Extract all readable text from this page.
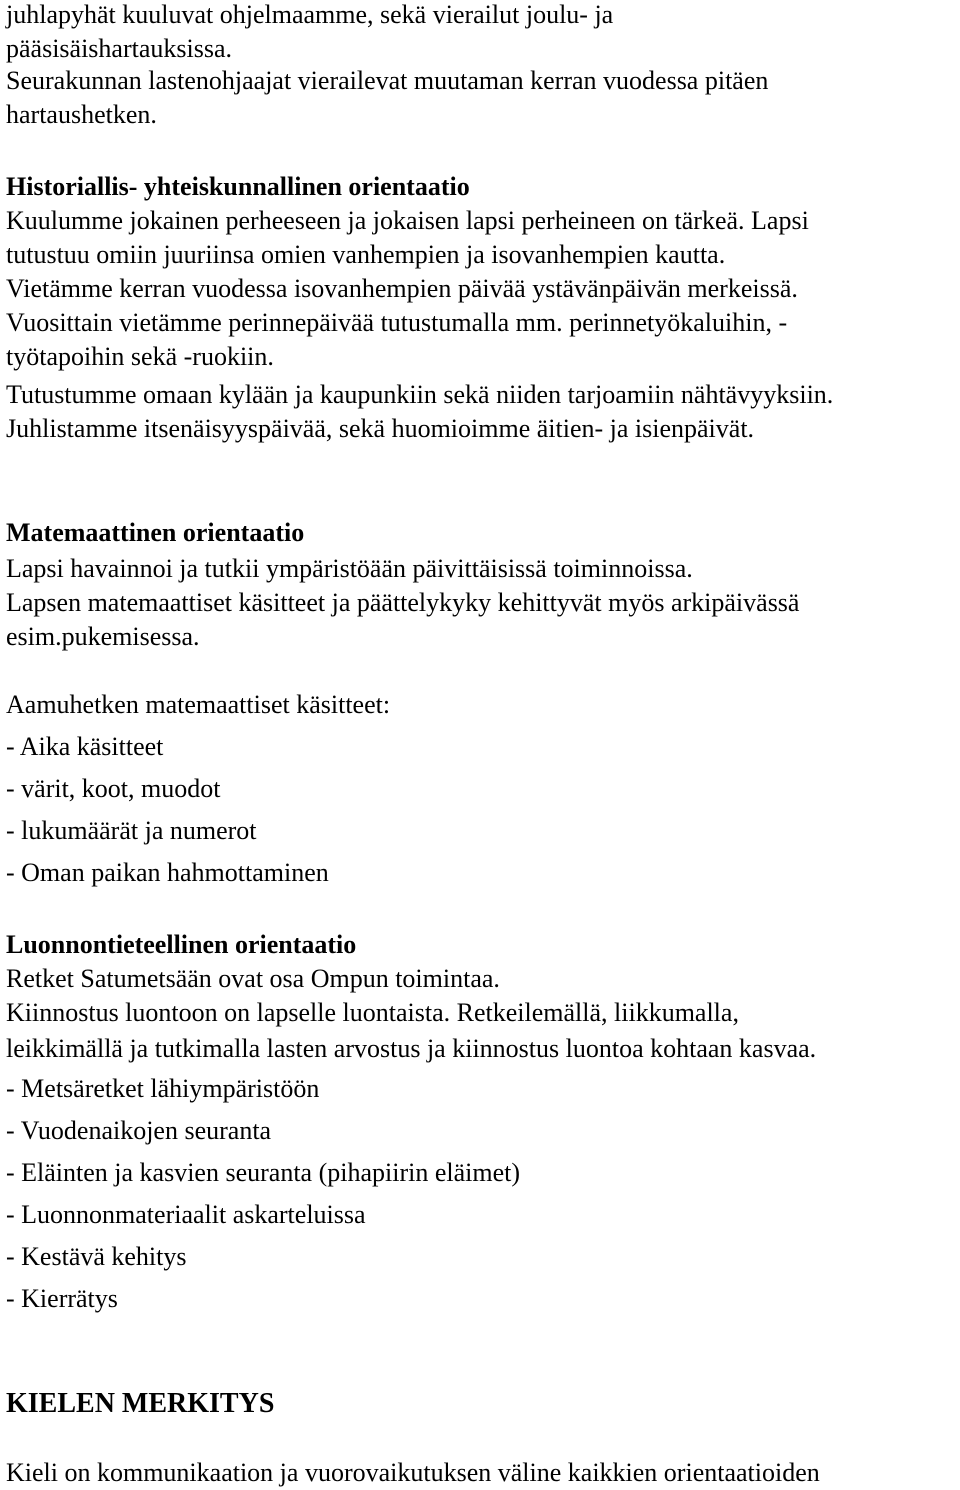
juhlapyhät kuuluvat ohjelmaamme, sekä vierailut joulu- ja
pääsisäishartauksissa.
Seurakunnan lastenohjaajat vierailevat muutaman kerran vuodessa pitäen
hartaushetken.
Historiallis- yhteiskunnallinen orientaatio
Kuulumme jokainen perheeseen ja jokaisen lapsi perheineen on tärkeä. Lapsi
tutustuu omiin juuriinsa omien vanhempien ja isovanhempien kautta.
Vietämme kerran vuodessa isovanhempien päivää ystävänpäivän merkeissä.
Vuosittain vietämme perinnepäivää tutustumalla mm. perinnetyökaluihin, -
työtapoihin sekä -ruokiin.
Tutustumme omaan kylään ja kaupunkiin sekä niiden tarjoamiin nähtävyyksiin.
Juhlistamme itsenäisyyspäivää, sekä huomioimme äitien- ja isienpäivät.
Matemaattinen orientaatio
Lapsi havainnoi ja tutkii ympäristöään päivittäisissä toiminnoissa.
Lapsen matemaattiset käsitteet ja päättelykyky kehittyvät myös arkipäivässä
esim.pukemisessa.
Aamuhetken matemaattiset käsitteet:
- Aika käsitteet
- värit, koot, muodot
- lukumäärät ja numerot
- Oman paikan hahmottaminen
Luonnontieteellinen orientaatio
Retket Satumetsään ovat osa Ompun toimintaa.
Kiinnostus luontoon on lapselle luontaista. Retkeilemällä, liikkumalla,
leikkimällä ja tutkimalla lasten arvostus ja kiinnostus luontoa kohtaan kasvaa.
- Metsäretket lähiympäristöön
- Vuodenaikojen seuranta
- Eläinten ja kasvien seuranta (pihapiirin eläimet)
- Luonnonmateriaalit askarteluissa
- Kestävä kehitys
- Kierrätys
KIELEN MERKITYS
Kieli on kommunikaation ja vuorovaikutuksen väline kaikkien orientaatioiden
